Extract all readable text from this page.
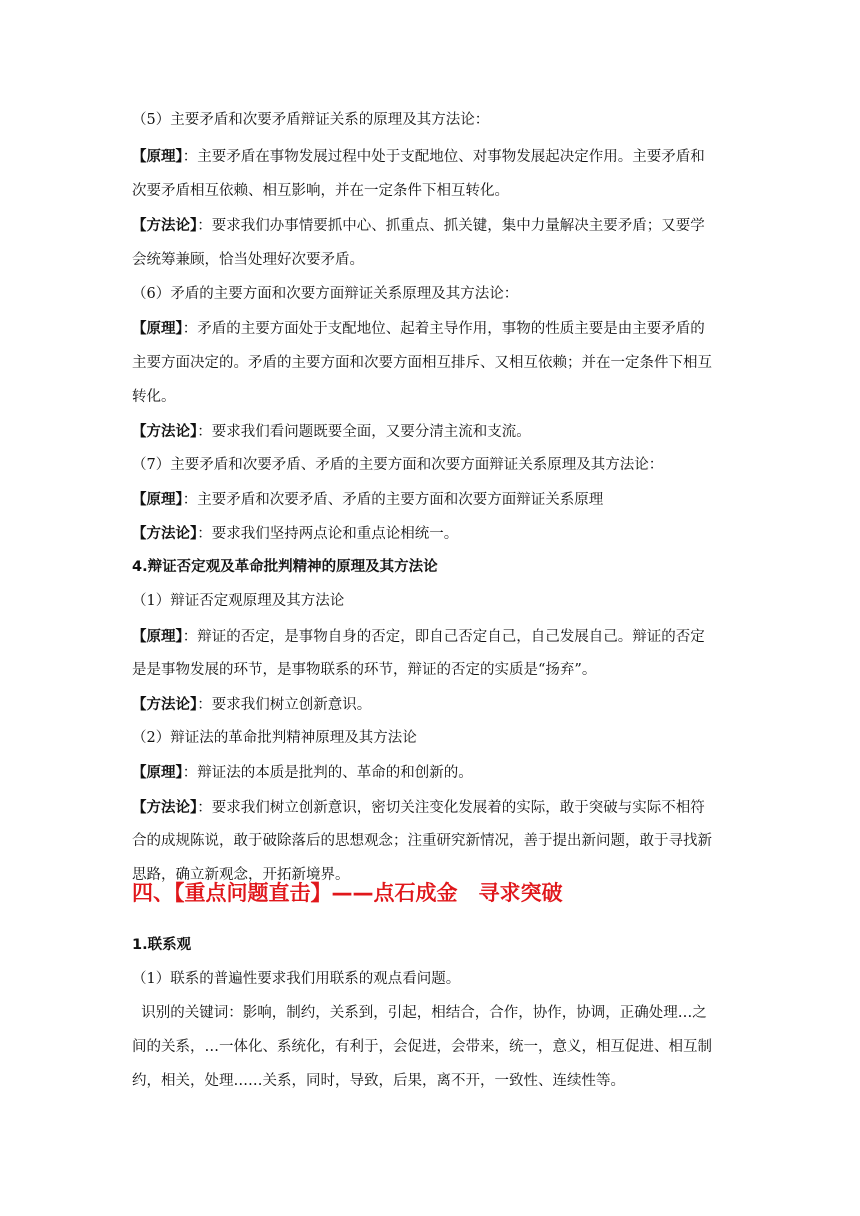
（5）主要矛盾和次要矛盾辩证关系的原理及其方法论：
【原理】：主要矛盾在事物发展过程中处于支配地位、对事物发展起决定作用。主要矛盾和
次要矛盾相互依赖、相互影响，并在一定条件下相互转化。
【方法论】：要求我们办事情要抓中心、抓重点、抓关键，集中力量解决主要矛盾；又要学
会统筹兼顾，恰当处理好次要矛盾。
（6）矛盾的主要方面和次要方面辩证关系原理及其方法论：
【原理】：矛盾的主要方面处于支配地位、起着主导作用，事物的性质主要是由主要矛盾的
主要方面决定的。矛盾的主要方面和次要方面相互排斥、又相互依赖；并在一定条件下相互
转化。
【方法论】：要求我们看问题既要全面，又要分清主流和支流。
（7）主要矛盾和次要矛盾、矛盾的主要方面和次要方面辩证关系原理及其方法论：
【原理】：主要矛盾和次要矛盾、矛盾的主要方面和次要方面辩证关系原理
【方法论】：要求我们坚持两点论和重点论相统一。
4.辩证否定观及革命批判精神的原理及其方法论
（1）辩证否定观原理及其方法论
【原理】：辩证的否定，是事物自身的否定，即自己否定自己，自己发展自己。辩证的否定
是是事物发展的环节，是事物联系的环节，辩证的否定的实质是“扬弃”。
【方法论】：要求我们树立创新意识。
（2）辩证法的革命批判精神原理及其方法论
【原理】：辩证法的本质是批判的、革命的和创新的。
【方法论】：要求我们树立创新意识，密切关注变化发展着的实际，敢于突破与实际不相符
合的成规陈说，敢于破除落后的思想观念；注重研究新情况，善于提出新问题，敢于寻找新
思路，确立新观念，开拓新境界。
四、【重点问题直击】——点石成金　寻求突破
1.联系观
（1）联系的普遍性要求我们用联系的观点看问题。
识别的关键词：影响，制约，关系到，引起，相结合，合作，协作，协调，正确处理…之
间的关系，…一体化、系统化，有利于，会促进，会带来，统一，意义，相互促进、相互制
约，相关，处理……关系，同时，导致，后果，离不开，一致性、连续性等。
